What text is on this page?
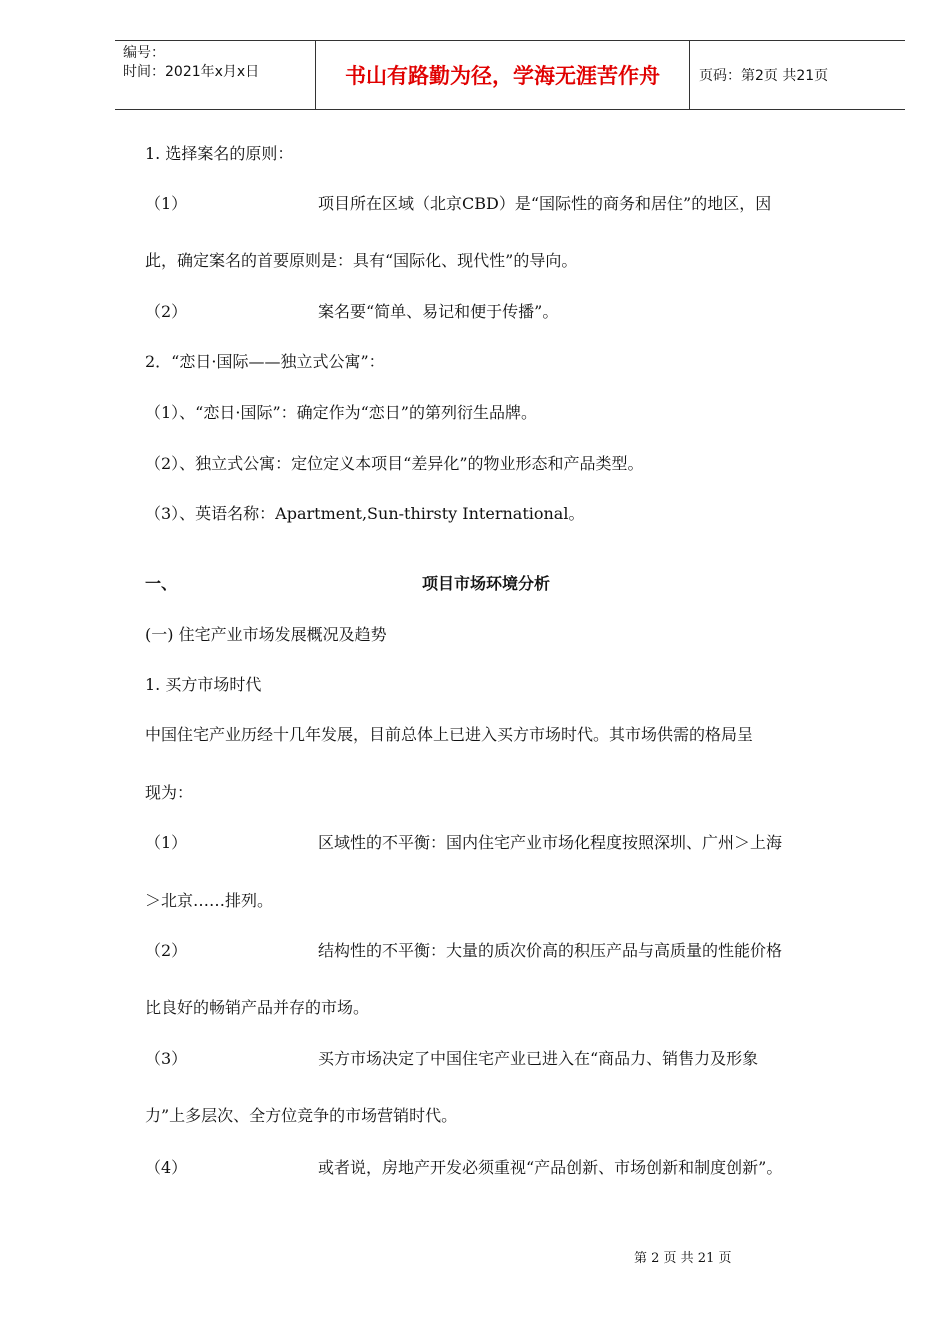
编号：
时间：2021年x月x日	书山有路勤为径，学海无涯苦作舟	页码：第2页 共21页
1. 选择案名的原则：
（1）	项目所在区域（北京CBD）是“国际性的商务和居住”的地区，因
此，确定案名的首要原则是：具有“国际化、现代性”的导向。
（2）	案名要“简单、易记和便于传播”。
2．“恋日·国际——独立式公寓”：
（1）、“恋日·国际”：确定作为“恋日”的第列衍生品牌。
（2）、独立式公寓：定位定义本项目“差异化”的物业形态和产品类型。
（3）、英语名称：Apartment,Sun-thirsty International。
一、	项目市场环境分析
(一) 住宅产业市场发展概况及趋势
1. 买方市场时代
中国住宅产业历经十几年发展，目前总体上已进入买方市场时代。其市场供需的格局呈
现为：
（1）	区域性的不平衡：国内住宅产业市场化程度按照深圳、广州＞上海
＞北京……排列。
（2）	结构性的不平衡：大量的质次价高的积压产品与高质量的性能价格
比良好的畅销产品并存的市场。
（3）	买方市场决定了中国住宅产业已进入在“商品力、销售力及形象
力”上多层次、全方位竞争的市场营销时代。
（4）	或者说，房地产开发必须重视“产品创新、市场创新和制度创新”。
第 2 页 共 21 页
